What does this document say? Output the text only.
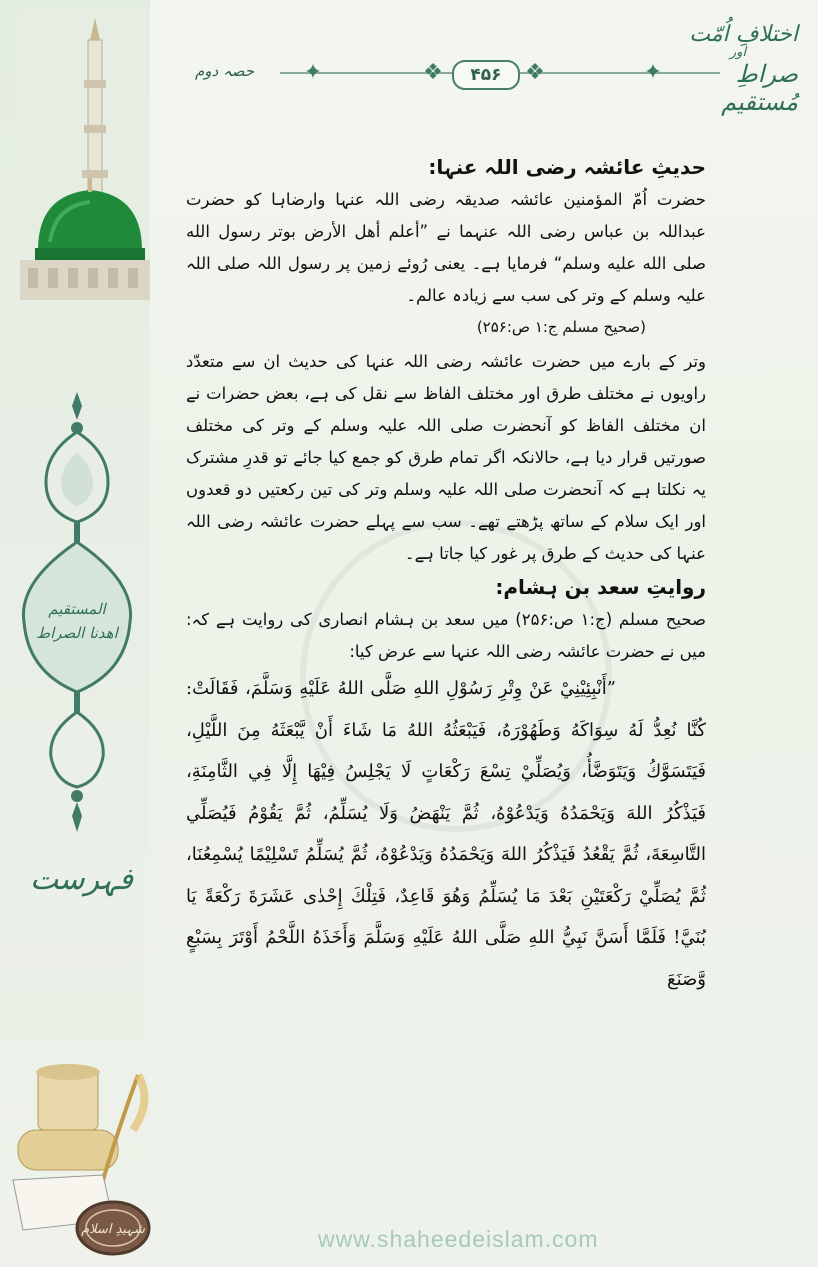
اختلافِ اُمّت
اور
صراطِ مُستقیم
❖	❖
✦	✦
۴۵۶
حصہ دوم
المستقیم
اھدنا الصراط
فہرست
شہیدِ اسلام

حدیثِ عائشہ رضی اللہ عنہا:

حضرت اُمّ المؤمنین عائشہ صدیقہ رضی اللہ عنہا وارضاہا کو حضرت عبداللہ بن عباس رضی اللہ عنہما نے ”أعلم أهل الأرض بوتر رسول الله صلى الله عليه وسلم“ فرمایا ہے۔ یعنی رُوئے زمین پر رسول اللہ صلی اللہ علیہ وسلم کے وتر کی سب سے زیادہ عالم۔

(صحیح مسلم ج:۱ ص:۲۵۶)

وتر کے بارے میں حضرت عائشہ رضی اللہ عنہا کی حدیث ان سے متعدّد راویوں نے مختلف طرق اور مختلف الفاظ سے نقل کی ہے، بعض حضرات نے ان مختلف الفاظ کو آنحضرت صلی اللہ علیہ وسلم کے وتر کی مختلف صورتیں قرار دیا ہے، حالانکہ اگر تمام طرق کو جمع کیا جائے تو قدرِ مشترک یہ نکلتا ہے کہ آنحضرت صلی اللہ علیہ وسلم وتر کی تین رکعتیں دو قعدوں اور ایک سلام کے ساتھ پڑھتے تھے۔ سب سے پہلے حضرت عائشہ رضی اللہ عنہا کی حدیث کے طرق پر غور کیا جاتا ہے۔

روایتِ سعد بن ہشام:

صحیح مسلم (ج:۱ ص:۲۵۶) میں سعد بن ہشام انصاری کی روایت ہے کہ: میں نے حضرت عائشہ رضی اللہ عنہا سے عرض کیا:

”أَنْبِئِيْنِيْ عَنْ وِتْرِ رَسُوْلِ اللهِ صَلَّى اللهُ عَلَيْهِ وَسَلَّمَ، فَقَالَتْ: كُنَّا نُعِدُّ لَهُ سِوَاكَهُ وَطَهُوْرَهُ، فَيَبْعَثُهُ اللهُ مَا شَاءَ أَنْ يَّبْعَثَهُ مِنَ اللَّيْلِ، فَيَتَسَوَّكُ وَيَتَوَضَّأُ، وَيُصَلِّيْ تِسْعَ رَكْعَاتٍ لَا يَجْلِسُ فِيْهَا إِلَّا فِي الثَّامِنَةِ، فَيَذْكُرُ اللهَ وَيَحْمَدُهُ وَيَدْعُوْهُ، ثُمَّ يَنْهَضُ وَلَا يُسَلِّمُ، ثُمَّ يَقُوْمُ فَيُصَلِّي التَّاسِعَةَ، ثُمَّ يَقْعُدُ فَيَذْكُرُ اللهَ وَيَحْمَدُهُ وَيَدْعُوْهُ، ثُمَّ يُسَلِّمُ تَسْلِيْمًا يُسْمِعُنَا، ثُمَّ يُصَلِّيْ رَكْعَتَيْنِ بَعْدَ مَا يُسَلِّمُ وَهُوَ قَاعِدٌ، فَتِلْكَ إِحْدٰى عَشَرَةَ رَكْعَةً يَا بُنَيَّ! فَلَمَّا أَسَنَّ نَبِيُّ اللهِ صَلَّى اللهُ عَلَيْهِ وَسَلَّمَ وَأَخَذَهُ اللَّحْمُ أَوْتَرَ بِسَبْعٍ وَّصَنَعَ

www.shaheedeislam.com
